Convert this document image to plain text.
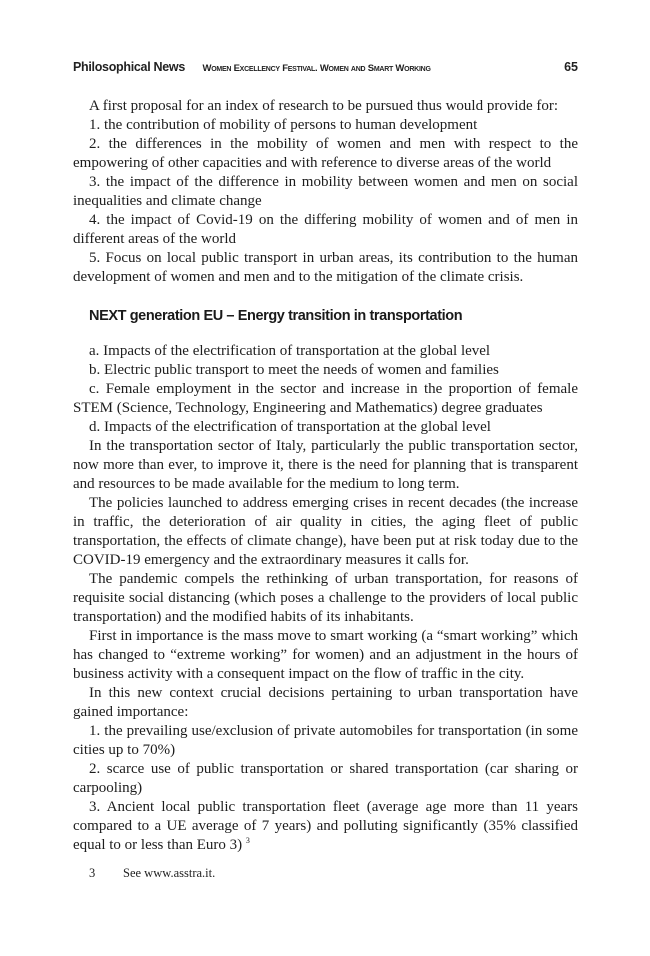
Philosophical News Women Excellency Festival. Women and Smart Working	65

A first proposal for an index of research to be pursued thus would provide for:

1. the contribution of mobility of persons to human development

2. the differences in the mobility of women and men with respect to the empowering of other capacities and with reference to diverse areas of the world

3. the impact of the difference in mobility between women and men on social inequalities and climate change

4. the impact of Covid-19 on the differing mobility of women and of men in different areas of the world

5. Focus on local public transport in urban areas, its contribution to the human development of women and men and to the mitigation of the climate crisis.

NEXT generation EU – Energy transition in transportation

a. Impacts of the electrification of transportation at the global level

b. Electric public transport to meet the needs of women and families

c. Female employment in the sector and increase in the proportion of female STEM (Science, Technology, Engineering and Mathematics) degree graduates

d. Impacts of the electrification of transportation at the global level

In the transportation sector of Italy, particularly the public transportation sector, now more than ever, to improve it, there is the need for planning that is transparent and resources to be made available for the medium to long term.

The policies launched to address emerging crises in recent decades (the increase in traffic, the deterioration of air quality in cities, the aging fleet of public transportation, the effects of climate change), have been put at risk today due to the COVID-19 emergency and the extraordinary measures it calls for.

The pandemic compels the rethinking of urban transportation, for reasons of requisite social distancing (which poses a challenge to the providers of local public transportation) and the modified habits of its inhabitants.

First in importance is the mass move to smart working (a “smart working” which has changed to “extreme working” for women) and an adjustment in the hours of business activity with a consequent impact on the flow of traffic in the city.

In this new context crucial decisions pertaining to urban transportation have gained importance:

1. the prevailing use/exclusion of private automobiles for transportation (in some cities up to 70%)

2. scarce use of public transportation or shared transportation (car sharing or carpooling)

3. Ancient local public transportation fleet (average age more than 11 years compared to a UE average of 7 years) and polluting significantly (35% classified equal to or less than Euro 3) $^3$

3 See www.asstra.it.
